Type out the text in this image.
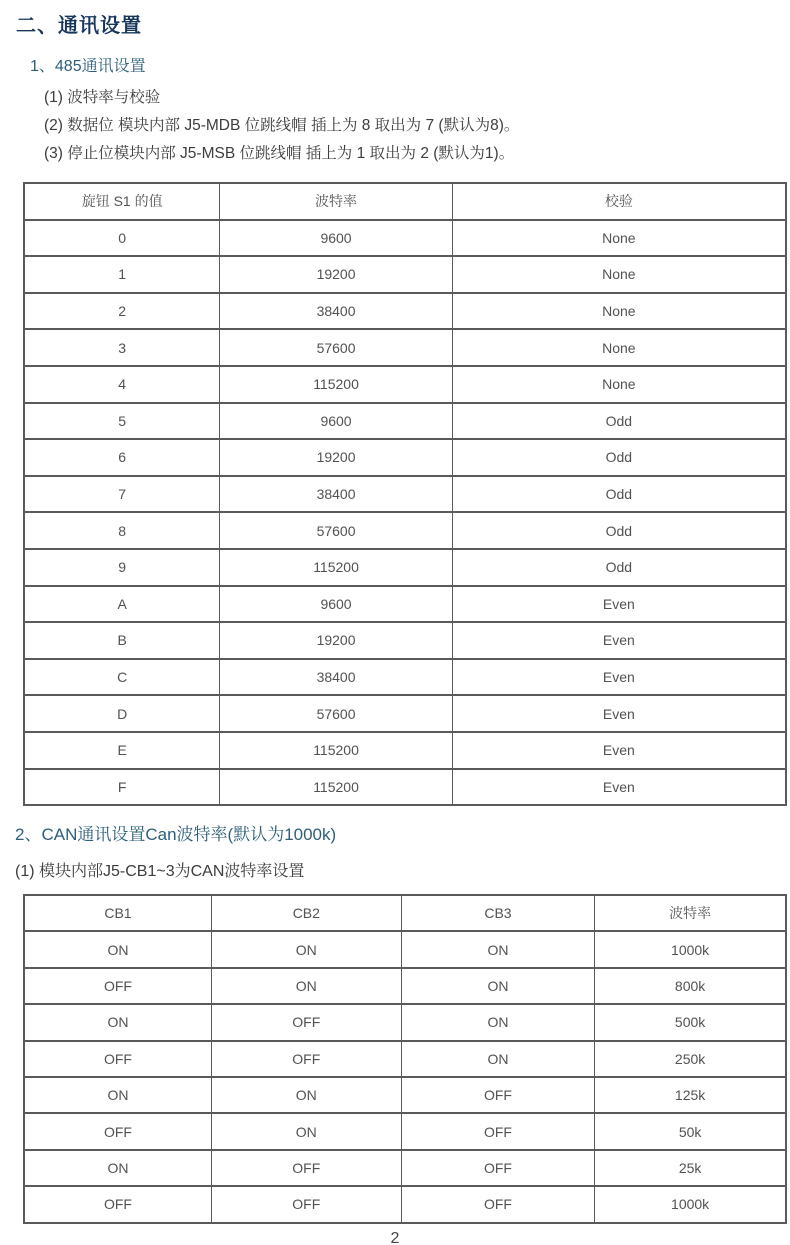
二、通讯设置
1、485通讯设置
(1) 波特率与校验
(2) 数据位 模块内部 J5-MDB 位跳线帽 插上为 8 取出为 7 (默认为8)。
(3) 停止位模块内部 J5-MSB 位跳线帽 插上为 1 取出为 2 (默认为1)。
旋钮 S1 的值	波特率	校验
0	9600	None
1	19200	None
2	38400	None
3	57600	None
4	115200	None
5	9600	Odd
6	19200	Odd
7	38400	Odd
8	57600	Odd
9	115200	Odd
A	9600	Even
B	19200	Even
C	38400	Even
D	57600	Even
E	115200	Even
F	115200	Even
2、CAN通讯设置Can波特率(默认为1000k)
(1) 模块内部J5-CB1~3为CAN波特率设置
CB1	CB2	CB3	波特率
ON	ON	ON	1000k
OFF	ON	ON	800k
ON	OFF	ON	500k
OFF	OFF	ON	250k
ON	ON	OFF	125k
OFF	ON	OFF	50k
ON	OFF	OFF	25k
OFF	OFF	OFF	1000k
2
